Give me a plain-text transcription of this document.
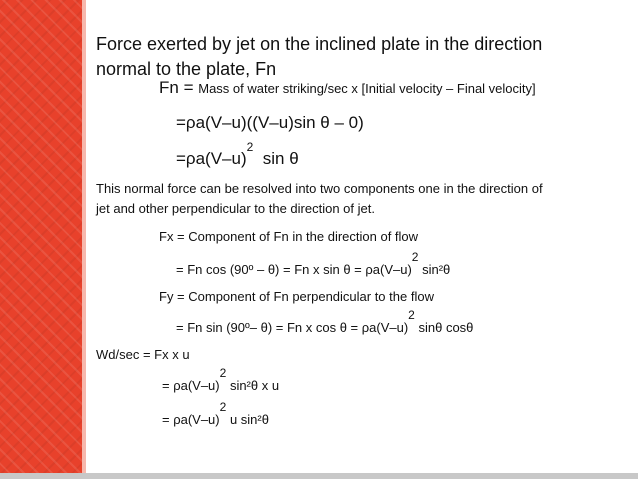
Force exerted by jet on the inclined plate in the direction
normal to the plate, Fn
Fn = Mass of water striking/sec x [Initial velocity – Final velocity]
=ρa(V–u)((V–u)sin θ – 0)
$=\rho a(V-u)^2$  sin θ
This normal force can be resolved into two components one in the direction of
jet and other perpendicular to the direction of jet.
Fx = Component of Fn in the direction of flow
= Fn cos (90º – θ) = Fn x sin θ = ρa(V–u)2 sin²θ
Fy = Component of Fn perpendicular to the flow
= Fn sin (90º– θ) = Fn x cos θ = ρa(V–u)2 sinθ cosθ
Wd/sec = Fx x u
= ρa(V–u)2 sin²θ x u
= ρa(V–u)2 u sin²θ
